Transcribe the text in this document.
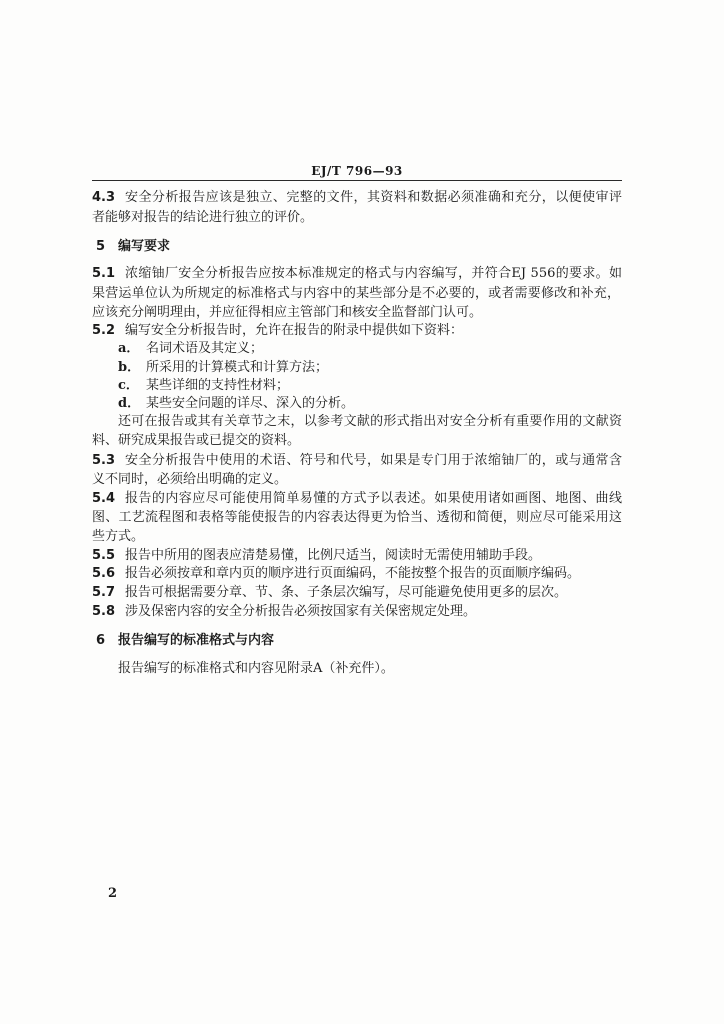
EJ/T 796—93
4.3 安全分析报告应该是独立、完整的文件，其资料和数据必须准确和充分，以便使审评
者能够对报告的结论进行独立的评价。
5 编写要求
5.1 浓缩铀厂安全分析报告应按本标准规定的格式与内容编写，并符合EJ 556的要求。如
果营运单位认为所规定的标准格式与内容中的某些部分是不必要的，或者需要修改和补充，
应该充分阐明理由，并应征得相应主管部门和核安全监督部门认可。
5.2 编写安全分析报告时，允许在报告的附录中提供如下资料：
a． 名词术语及其定义；
b． 所采用的计算模式和计算方法；
c． 某些详细的支持性材料；
d． 某些安全问题的详尽、深入的分析。
还可在报告或其有关章节之末，以参考文献的形式指出对安全分析有重要作用的文献资
料、研究成果报告或已提交的资料。
5.3 安全分析报告中使用的术语、符号和代号，如果是专门用于浓缩铀厂的，或与通常含
义不同时，必须给出明确的定义。
5.4 报告的内容应尽可能使用简单易懂的方式予以表述。如果使用诸如画图、地图、曲线
图、工艺流程图和表格等能使报告的内容表达得更为恰当、透彻和简便，则应尽可能采用这
些方式。
5.5 报告中所用的图表应清楚易懂，比例尺适当，阅读时无需使用辅助手段。
5.6 报告必须按章和章内页的顺序进行页面编码，不能按整个报告的页面顺序编码。
5.7 报告可根据需要分章、节、条、子条层次编写，尽可能避免使用更多的层次。
5.8 涉及保密内容的安全分析报告必须按国家有关保密规定处理。
6 报告编写的标准格式与内容
报告编写的标准格式和内容见附录A（补充件）。
2
